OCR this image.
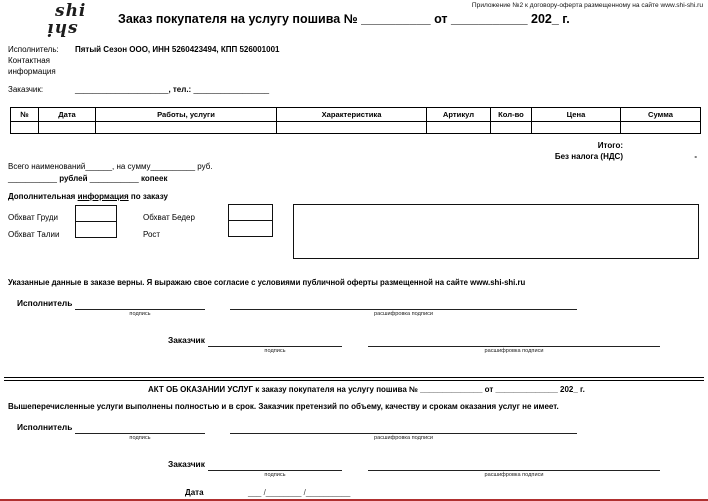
shi
shi
Приложение №2 к договору-оферта размещенному на сайте www.shi-shi.ru
Заказ покупателя на услугу пошива № __________ от ___________ 202_ г.
Исполнитель:
Контактная
информация
Пятый Сезон ООО, ИНН 5260423494, КПП 526001001
Заказчик:	_____________________, тел.: _________________
№	Дата	Работы, услуги	Характеристика	Артикул	Кол-во	Цена	Сумма

Итого:
Без налога (НДС)	-
Всего наименований______, на сумму__________ руб.
___________ рублей ___________ копеек
Дополнительная информация по заказу
Обхват Груди
Обхват Талии
Обхват Бедер
Рост
Указанные данные в заказе верны. Я выражаю свое согласие с условиями публичной оферты размещенной на сайте www.shi-shi.ru
Исполнитель
подпись	расшифровка подписи
Заказчик
подпись	расшифровка подписи
АКТ ОБ ОКАЗАНИИ УСЛУГ к заказу покупателя на услугу пошива № ______________ от ______________ 202_ г.
Вышеперечисленные услуги выполнены полностью и в срок. Заказчик претензий по объему, качеству и срокам оказания услуг не имеет.
Исполнитель
подпись	расшифровка подписи
Заказчик
подпись	расшифровка подписи
Дата	___ /________ /__________
